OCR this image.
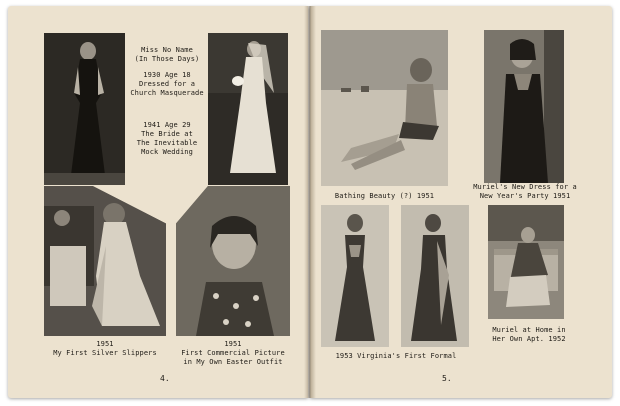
Miss No Name
(In Those Days)
1930 Age 18
Dressed for a
Church Masquerade
1941 Age 29
The Bride at
The Inevitable
Mock Wedding
1951
My First Silver Slippers
1951
First Commercial Picture
in My Own Easter Outfit
4.
Bathing Beauty (?) 1951
Muriel's New Dress for a
New Year's Party 1951
1953 Virginia's First Formal
Muriel at Home in
Her Own Apt. 1952
5.
